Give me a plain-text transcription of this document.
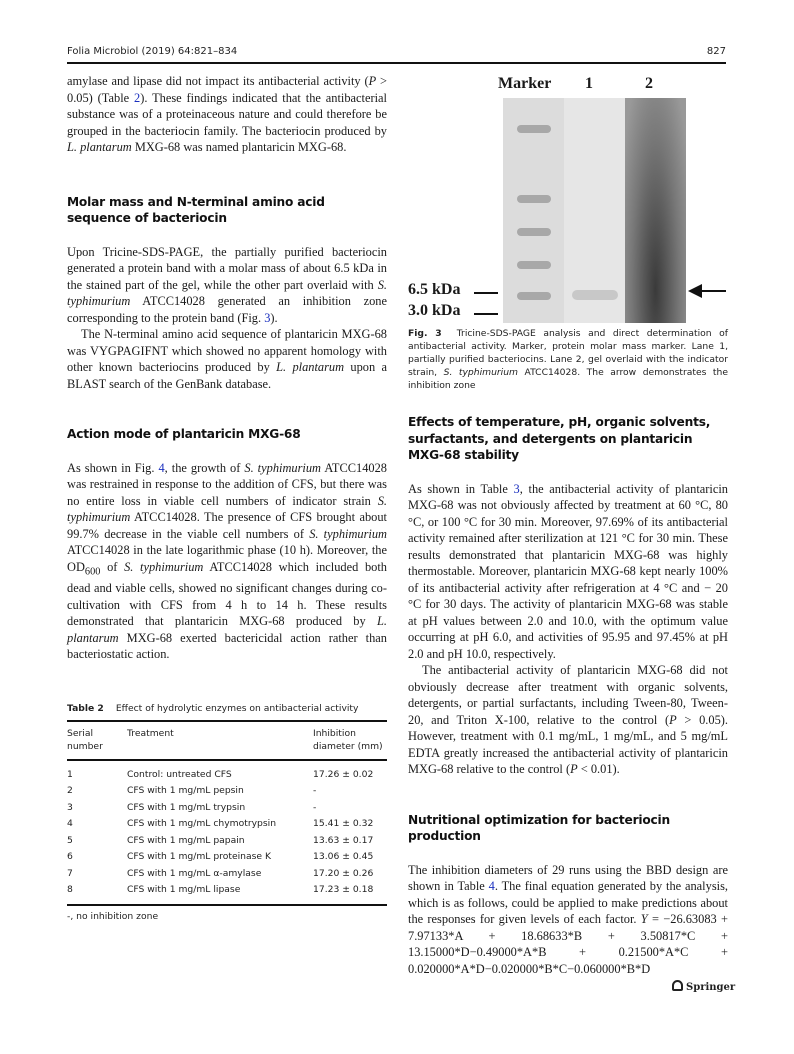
Folia Microbiol (2019) 64:821–834	827

amylase and lipase did not impact its antibacterial activity (P > 0.05) (Table 2). These findings indicated that the antibacterial substance was of a proteinaceous nature and could therefore be grouped in the bacteriocin family. The bacteriocin produced by L. plantarum MXG-68 was named plantaricin MXG-68.

Molar mass and N-terminal amino acid sequence of bacteriocin

Upon Tricine-SDS-PAGE, the partially purified bacteriocin generated a protein band with a molar mass of about 6.5 kDa in the stained part of the gel, while the other part overlaid with S. typhimurium ATCC14028 generated an inhibition zone corresponding to the protein band (Fig. 3).

The N-terminal amino acid sequence of plantaricin MXG-68 was VYGPAGIFNT which showed no apparent homology with other known bacteriocins produced by L. plantarum upon a BLAST search of the GenBank database.

Action mode of plantaricin MXG-68

As shown in Fig. 4, the growth of S. typhimurium ATCC14028 was restrained in response to the addition of CFS, but there was no entire loss in viable cell numbers of indicator strain S. typhimurium ATCC14028. The presence of CFS brought about 99.7% decrease in the viable cell numbers of S. typhimurium ATCC14028 in the late logarithmic phase (10 h). Moreover, the $OD_{600}$ of S. typhimurium ATCC14028 which included both dead and viable cells, showed no significant changes during co-cultivation with CFS from 4 h to 14 h. These results demonstrated that plantaricin MXG-68 produced by L. plantarum MXG-68 exerted bactericidal action rather than bacteriostatic action.

Table 2 Effect of hydrolytic enzymes on antibacterial activity

Serial number	Treatment	Inhibition diameter (mm)
1	Control: untreated CFS	17.26 ± 0.02
2	CFS with 1 mg/mL pepsin	-
3	CFS with 1 mg/mL trypsin	-
4	CFS with 1 mg/mL chymotrypsin	15.41 ± 0.32
5	CFS with 1 mg/mL papain	13.63 ± 0.17
6	CFS with 1 mg/mL proteinase K	13.06 ± 0.45
7	CFS with 1 mg/mL α-amylase	17.20 ± 0.26
8	CFS with 1 mg/mL lipase	17.23 ± 0.18

-, no inhibition zone

Marker 1	2
6.5 kDa
3.0 kDa

Fig. 3 Tricine-SDS-PAGE analysis and direct determination of antibacterial activity. Marker, protein molar mass marker. Lane 1, partially purified bacteriocins. Lane 2, gel overlaid with the indicator strain, S. typhimurium ATCC14028. The arrow demonstrates the inhibition zone

Effects of temperature, pH, organic solvents, surfactants, and detergents on plantaricin MXG-68 stability

As shown in Table 3, the antibacterial activity of plantaricin MXG-68 was not obviously affected by treatment at 60 °C, 80 °C, or 100 °C for 30 min. Moreover, 97.69% of its antibacterial activity remained after sterilization at 121 °C for 30 min. These results demonstrated that plantaricin MXG-68 was highly thermostable. Moreover, plantaricin MXG-68 kept nearly 100% of its antibacterial activity after refrigeration at 4 °C and − 20 °C for 30 days. The activity of plantaricin MXG-68 was stable at pH values between 2.0 and 10.0, with the optimum value occurring at pH 6.0, and activities of 95.95 and 97.45% at pH 2.0 and pH 10.0, respectively.

The antibacterial activity of plantaricin MXG-68 did not obviously decrease after treatment with organic solvents, detergents, or partial surfactants, including Tween-80, Tween-20, and Triton X-100, relative to the control (P > 0.05). However, treatment with 0.1 mg/mL, 1 mg/mL, and 5 mg/mL EDTA greatly increased the antibacterial activity of plantaricin MXG-68 relative to the control (P < 0.01).

Nutritional optimization for bacteriocin production

The inhibition diameters of 29 runs using the BBD design are shown in Table 4. The final equation generated by the analysis, which is as follows, could be applied to make predictions about the responses for given levels of each factor. Y = −26.63083 + 7.97133*A + 18.68633*B + 3.50817*C + 13.15000*D−0.49000*A*B + 0.21500*A*C + 0.020000*A*D−0.020000*B*C−0.060000*B*D

Springer
